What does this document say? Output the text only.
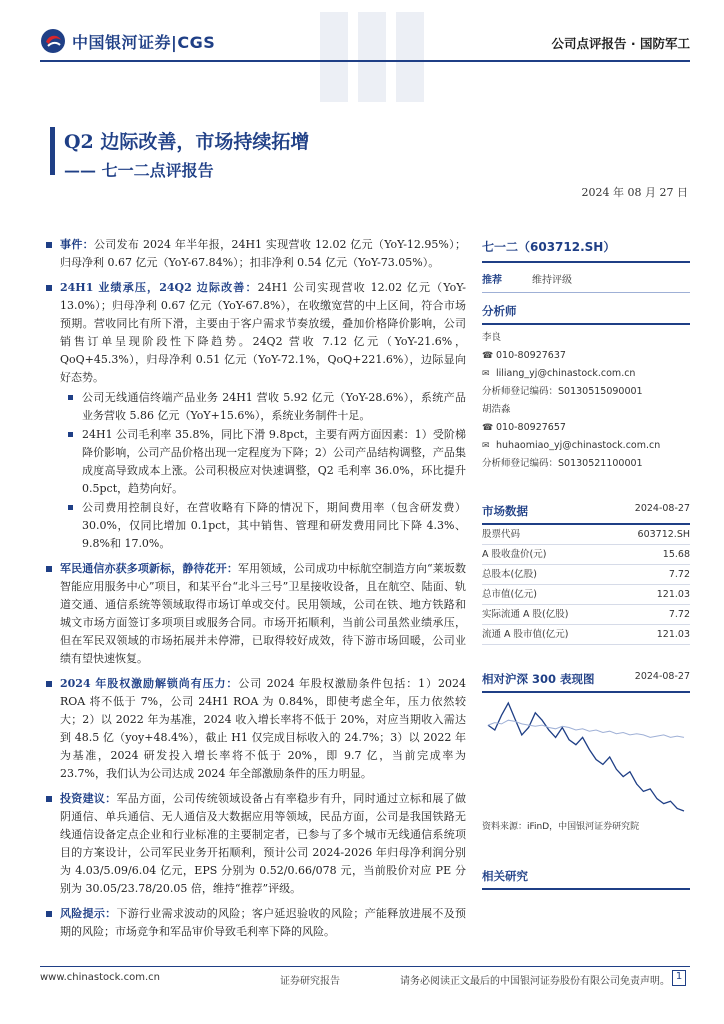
中国银河证券|CGS	公司点评报告 · 国防军工
Q2 边际改善，市场持续拓增
—— 七一二点评报告
2024 年 08 月 27 日
事件：公司发布 2024 年半年报，24H1 实现营收 12.02 亿元（YoY-12.95%）；归母净利 0.67 亿元（YoY-67.84%）；扣非净利 0.54 亿元（YoY-73.05%）。
24H1 业绩承压，24Q2 边际改善：24H1 公司实现营收 12.02 亿元（YoY-13.0%）；归母净利 0.67 亿元（YoY-67.8%），在收缴宽营的中上区间，符合市场预期。营收同比有所下滑，主要由于客户需求节奏放缓，叠加价格降价影响，公司销售订单呈现阶段性下降趋势。24Q2 营收 7.12 亿元（YoY-21.6%，QoQ+45.3%），归母净利 0.51 亿元（YoY-72.1%，QoQ+221.6%），边际显向好态势。
公司无线通信终端产品业务 24H1 营收 5.92 亿元（YoY-28.6%），系统产品业务营收 5.86 亿元（YoY+15.6%），系统业务制件十足。
24H1 公司毛利率 35.8%，同比下滑 9.8pct，主要有两方面因素：1）受阶梯降价影响，公司产品价格出现一定程度为下降；2）公司产品结构调整，产品集成度高导致成本上涨。公司积极应对快速调整，Q2 毛利率 36.0%，环比提升 0.5pct，趋势向好。
公司费用控制良好，在营收略有下降的情况下，期间费用率（包含研发费）30.0%，仅同比增加 0.1pct，其中销售、管理和研发费用同比下降 4.3%、9.8%和 17.0%。
军民通信亦获多项新标，静待花开：军用领域，公司成功中标航空制造方向“莱坂数智能应用服务中心”项目，和某平台“北斗三号”卫星接收设备，且在航空、陆面、轨道交通、通信系统等领域取得市场订单或交付。民用领域，公司在铁、地方铁路和城文市场方面签订多项项目或服务合同。市场开拓顺利，当前公司虽然业绩承压，但在军民双领域的市场拓展并未停滞，已取得较好成效，待下游市场回暖，公司业绩有望快速恢复。
2024 年股权激励解锁尚有压力：公司 2024 年股权激励条件包括：1）2024 ROA 将不低于 7%，公司 24H1 ROA 为 0.84%，即使考虑全年，压力依然较大；2）以 2022 年为基准，2024 收入增长率将不低于 20%，对应当期收入需达到 48.5 亿（yoy+48.4%），截止 H1 仅完成目标收入的 24.7%；3）以 2022 年为基准，2024 研发投入增长率将不低于 20%，即 9.7 亿，当前完成率为 23.7%，我们认为公司达成 2024 年全部激励条件的压力明显。
投资建议：军品方面，公司传统领域设备占有率稳步有升，同时通过立标和展了做阴通信、单兵通信、无人通信及大数据应用等领域，民品方面，公司是我国铁路无线通信设备定点企业和行业标准的主要制定者，已参与了多个城市无线通信系统项目的方案设计，公司军民业务开拓顺利，预计公司 2024-2026 年归母净利润分别为 4.03/5.09/6.04 亿元，EPS 分别为 0.52/0.66/078 元，当前股价对应 PE 分别为 30.05/23.78/20.05 倍，维持“推荐”评级。
风险提示：下游行业需求波动的风险；客户延迟验收的风险；产能释放进展不及预期的风险；市场竞争和军品审价导致毛利率下降的风险。
七一二（603712.SH）
推荐	维持评级
分析师
李良
☎ 010-80927637
✉ liliang_yj@chinastock.com.cn
分析师登记编码：S0130515090001
胡浩淼
☎ 010-80927657
✉ huhaomiao_yj@chinastock.com.cn
分析师登记编码：S0130521100001
市场数据	2024-08-27
股票代码	603712.SH
A 股收盘价(元)	15.68
总股本(亿股)	7.72
总市值(亿元)	121.03
实际流通 A 股(亿股)	7.72
流通 A 股市值(亿元)	121.03
相对沪深 300 表现图	2024-08-27
资料来源：iFinD，中国银河证券研究院
相关研究
www.chinastock.com.cn	证券研究报告	请务必阅读正文最后的中国银河证券股份有限公司免责声明。 1
